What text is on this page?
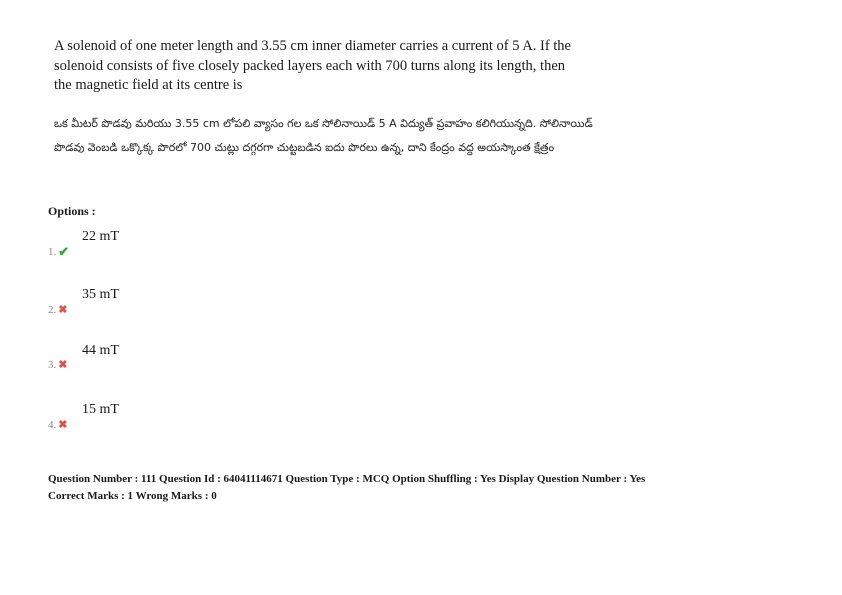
A solenoid of one meter length and 3.55 cm inner diameter carries a current of 5 A. If the solenoid consists of five closely packed layers each with 700 turns along its length, then the magnetic field at its centre is

ఒక మీటర్ పొడవు మరియు 3.55 cm లోపలి వ్యాసం గల ఒక సోలినాయిడ్ 5 A విద్యుత్ ప్రవాహం కలిగియున్నది. సోలినాయిడ్ పొడవు వెంబడి ఒక్కొక్క పొరలో 700 చుట్లు దగ్గరగా చుట్టబడిన ఐదు పొరలు ఉన్న, దాని కేంద్రం వద్ద అయస్కాంత క్షేత్రం

Options :
22 mT
1. ✔
35 mT
2. ✖
44 mT
3. ✖
15 mT
4. ✖
Question Number : 111 Question Id : 64041114671 Question Type : MCQ Option Shuffling : Yes Display Question Number : Yes
Correct Marks : 1 Wrong Marks : 0
